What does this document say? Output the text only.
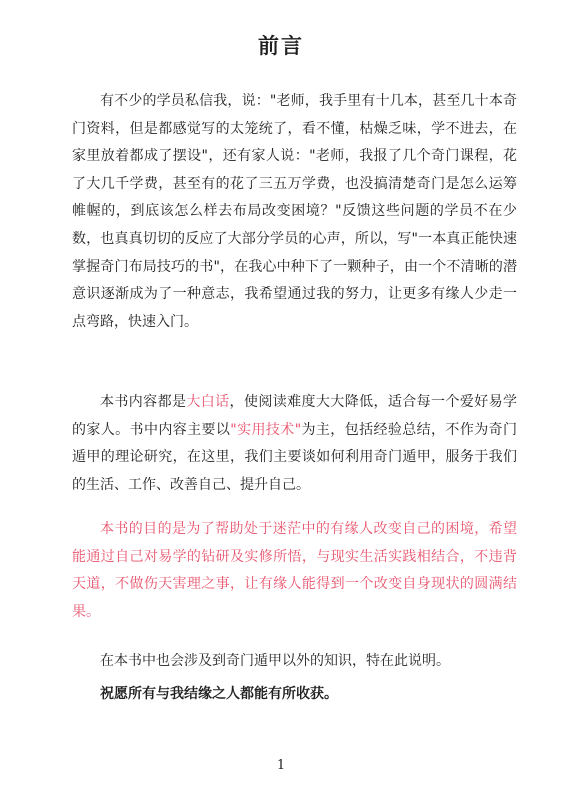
前言

有不少的学员私信我，说："老师，我手里有十几本，甚至几十本奇门资料，但是都感觉写的太笼统了，看不懂，枯燥乏味，学不进去，在家里放着都成了摆设"，还有家人说："老师，我报了几个奇门课程，花了大几千学费，甚至有的花了三五万学费，也没搞清楚奇门是怎么运筹帷幄的，到底该怎么样去布局改变困境？"反馈这些问题的学员不在少数，也真真切切的反应了大部分学员的心声，所以，写"一本真正能快速掌握奇门布局技巧的书"，在我心中种下了一颗种子，由一个不清晰的潜意识逐渐成为了一种意志，我希望通过我的努力，让更多有缘人少走一点弯路，快速入门。

本书内容都是大白话，使阅读难度大大降低，适合每一个爱好易学的家人。书中内容主要以"实用技术"为主，包括经验总结，不作为奇门遁甲的理论研究，在这里，我们主要谈如何利用奇门遁甲，服务于我们的生活、工作、改善自己、提升自己。

本书的目的是为了帮助处于迷茫中的有缘人改变自己的困境，希望能通过自己对易学的钻研及实修所悟，与现实生活实践相结合，不违背天道，不做伤天害理之事，让有缘人能得到一个改变自身现状的圆满结果。

在本书中也会涉及到奇门遁甲以外的知识，特在此说明。

祝愿所有与我结缘之人都能有所收获。

1
